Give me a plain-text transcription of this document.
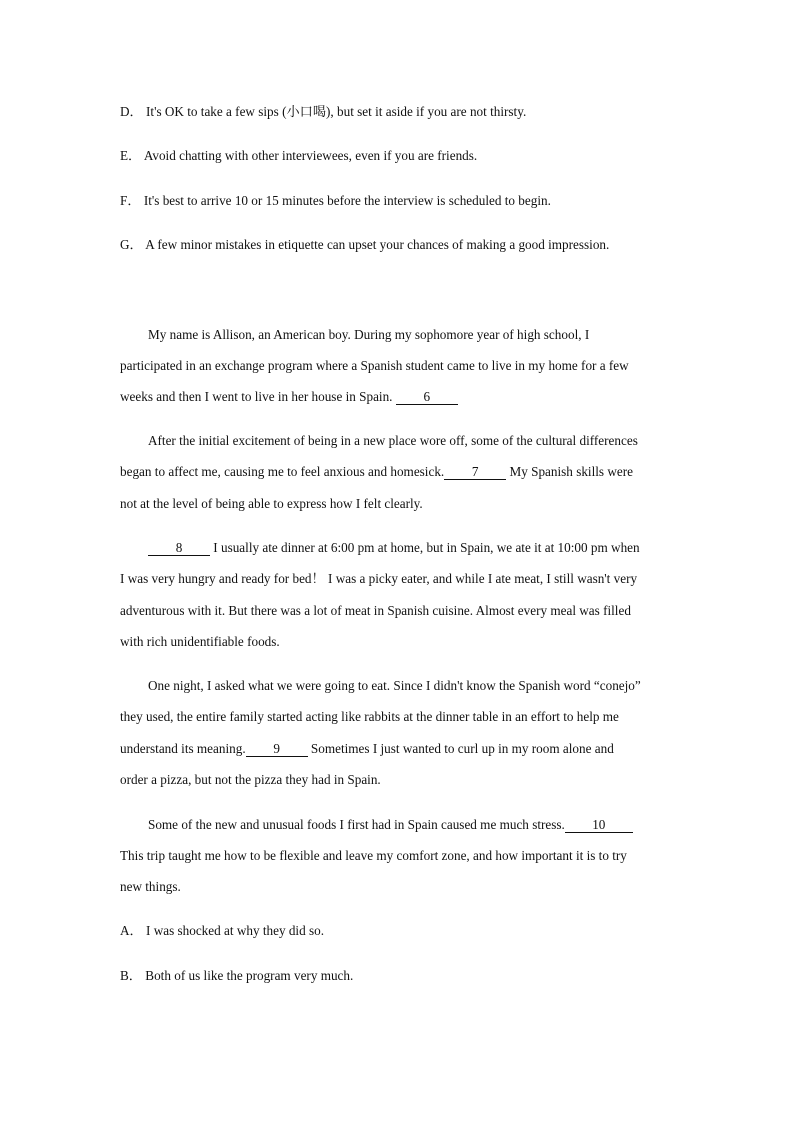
D． It's OK to take a few sips (小口喝), but set it aside if you are not thirsty.
E． Avoid chatting with other interviewees, even if you are friends.
F． It's best to arrive 10 or 15 minutes before the interview is scheduled to begin.
G． A few minor mistakes in etiquette can upset your chances of making a good impression.
My name is Allison, an American boy. During my sophomore year of high school, I
participated in an exchange program where a Spanish student came to live in my home for a few
weeks and then I went to live in her house in Spain. 6
After the initial excitement of being in a new place wore off, some of the cultural differences
began to affect me, causing me to feel anxious and homesick. 7 My Spanish skills were
not at the level of being able to express how I felt clearly.
8 I usually ate dinner at 6:00 pm at home, but in Spain, we ate it at 10:00 pm when
I was very hungry and ready for bed！ I was a picky eater, and while I ate meat, I still wasn't very
adventurous with it. But there was a lot of meat in Spanish cuisine. Almost every meal was filled
with rich unidentifiable foods.
One night, I asked what we were going to eat. Since I didn't know the Spanish word “conejo”
they used, the entire family started acting like rabbits at the dinner table in an effort to help me
understand its meaning. 9 Sometimes I just wanted to curl up in my room alone and
order a pizza, but not the pizza they had in Spain.
Some of the new and unusual foods I first had in Spain caused me much stress. 10
This trip taught me how to be flexible and leave my comfort zone, and how important it is to try
new things.
A． I was shocked at why they did so.
B． Both of us like the program very much.
